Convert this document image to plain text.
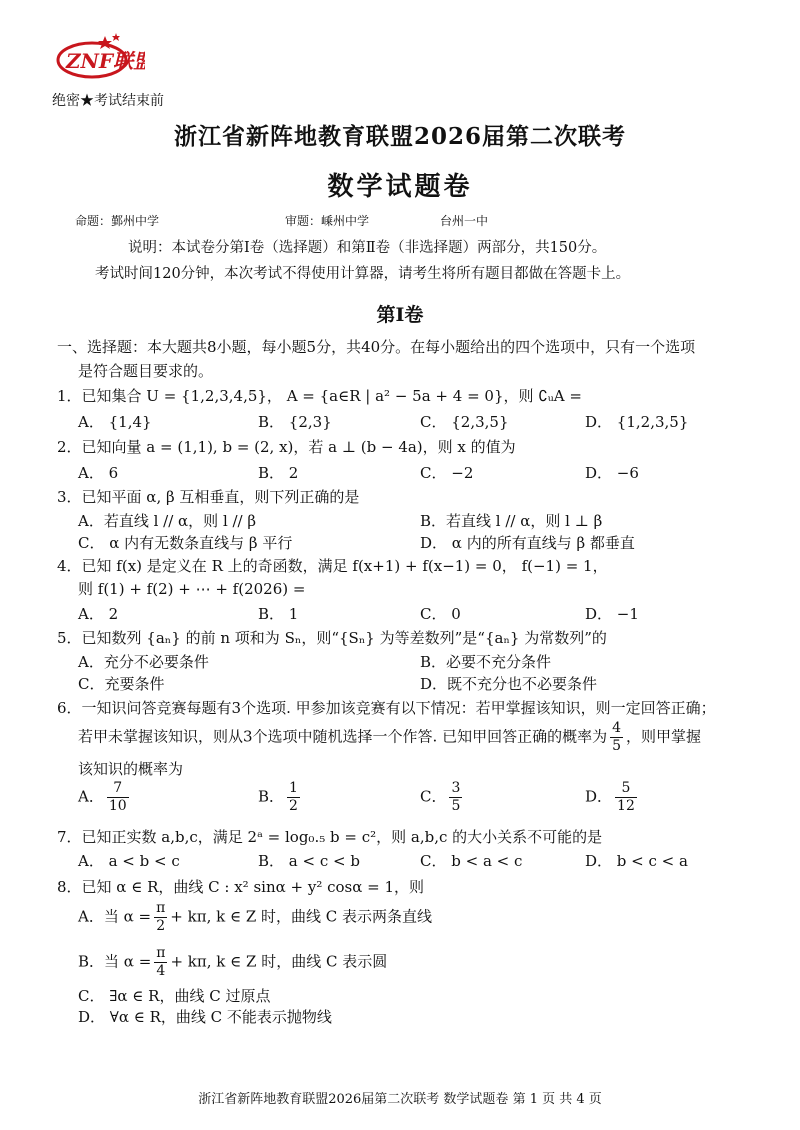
ZNF联盟
绝密★考试结束前
浙江省新阵地教育联盟2026届第二次联考
数学试题卷
命题：鄞州中学	审题：嵊州中学	台州一中
说明：本试卷分第Ⅰ卷（选择题）和第Ⅱ卷（非选择题）两部分，共150分。
考试时间120分钟，本次考试不得使用计算器，请考生将所有题目都做在答题卡上。
第Ⅰ卷
一、选择题：本大题共8小题，每小题5分，共40分。在每小题给出的四个选项中，只有一个选项
是符合题目要求的。
1．已知集合 U = {1,2,3,4,5}， A = {a∈R | a² − 5a + 4 = 0}，则 ∁ᵤA =
A． {1,4}	B． {2,3}	C． {2,3,5}	D． {1,2,3,5}
2．已知向量 a = (1,1), b = (2, x)，若 a ⊥ (b − 4a)，则 x 的值为
A． 6	B． 2	C． −2	D． −6
3．已知平面 α, β 互相垂直，则下列正确的是
A．若直线 l // α，则 l // β	B．若直线 l // α，则 l ⊥ β
C． α 内有无数条直线与 β 平行	D． α 内的所有直线与 β 都垂直
4．已知 f(x) 是定义在 R 上的奇函数，满足 f(x+1) + f(x−1) = 0， f(−1) = 1，
则 f(1) + f(2) + ⋯ + f(2026) =
A． 2	B． 1	C． 0	D． −1
5．已知数列 {aₙ} 的前 n 项和为 Sₙ，则“{Sₙ} 为等差数列”是“{aₙ} 为常数列”的
A．充分不必要条件	B．必要不充分条件
C．充要条件	D．既不充分也不必要条件
6．一知识问答竞赛每题有3个选项. 甲参加该竞赛有以下情况：若甲掌握该知识，则一定回答正确；
若甲未掌握该知识，则从3个选项中随机选择一个作答. 已知甲回答正确的概率为 $\frac{4}{5}$ ，则甲掌握
该知识的概率为
A． $\frac{7}{10}$	B． $\frac{1}{2}$	C． $\frac{3}{5}$	D． $\frac{5}{12}$
7．已知正实数 a,b,c，满足 2ᵃ = log₀.₅ b = c²，则 a,b,c 的大小关系不可能的是
A． a < b < c	B． a < c < b	C． b < a < c	D． b < c < a
8．已知 α ∈ R，曲线 C : x² sinα + y² cosα = 1，则
A．当 $\alpha = \frac{\pi}{2} + k\pi$, k ∈ Z 时，曲线 C 表示两条直线
B．当 $\alpha = \frac{\pi}{4} + k\pi$, k ∈ Z 时，曲线 C 表示圆
C． ∃α ∈ R，曲线 C 过原点
D． ∀α ∈ R，曲线 C 不能表示抛物线
浙江省新阵地教育联盟2026届第二次联考 数学试题卷 第 1 页 共 4 页
